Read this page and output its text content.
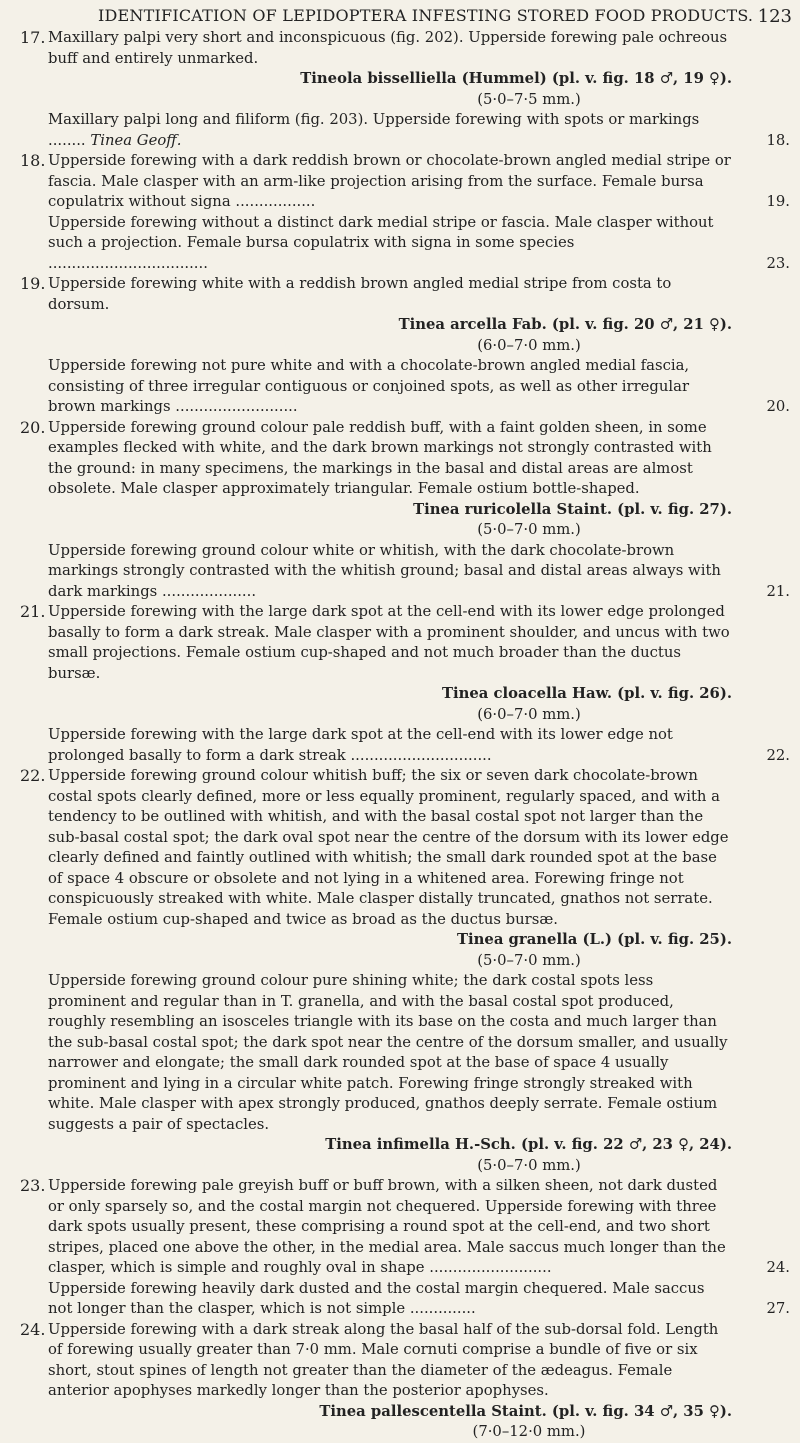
IDENTIFICATION OF LEPIDOPTERA INFESTING STORED FOOD PRODUCTS. 123
17. Maxillary palpi very short and inconspicuous (fig. 202). Upperside forewing pale ochreous buff and entirely unmarked.
Tineola bisselliella (Hummel) (pl. v. fig. 18 ♂, 19 ♀).
(5·0–7·5 mm.)
Maxillary palpi long and filiform (fig. 203). Upperside forewing with spots or markings ........ Tinea Geoff.	18.
18. Upperside forewing with a dark reddish brown or chocolate-brown angled medial stripe or fascia. Male clasper with an arm-like projection arising from the surface. Female bursa copulatrix without signa .................	19.
Upperside forewing without a distinct dark medial stripe or fascia. Male clasper without such a projection. Female bursa copulatrix with signa in some species ..................................	23.
19. Upperside forewing white with a reddish brown angled medial stripe from costa to dorsum.
Tinea arcella Fab. (pl. v. fig. 20 ♂, 21 ♀).
(6·0–7·0 mm.)
Upperside forewing not pure white and with a chocolate-brown angled medial fascia, consisting of three irregular contiguous or conjoined spots, as well as other irregular brown markings ..........................	20.
20. Upperside forewing ground colour pale reddish buff, with a faint golden sheen, in some examples flecked with white, and the dark brown markings not strongly contrasted with the ground: in many specimens, the markings in the basal and distal areas are almost obsolete. Male clasper approximately triangular. Female ostium bottle-shaped.
Tinea ruricolella Staint. (pl. v. fig. 27).
(5·0–7·0 mm.)
Upperside forewing ground colour white or whitish, with the dark chocolate-brown markings strongly contrasted with the whitish ground; basal and distal areas always with dark markings ....................	21.
21. Upperside forewing with the large dark spot at the cell-end with its lower edge prolonged basally to form a dark streak. Male clasper with a prominent shoulder, and uncus with two small projections. Female ostium cup-shaped and not much broader than the ductus bursæ.
Tinea cloacella Haw. (pl. v. fig. 26).
(6·0–7·0 mm.)
Upperside forewing with the large dark spot at the cell-end with its lower edge not prolonged basally to form a dark streak ..............................	22.
22. Upperside forewing ground colour whitish buff; the six or seven dark chocolate-brown costal spots clearly defined, more or less equally prominent, regularly spaced, and with a tendency to be outlined with whitish, and with the basal costal spot not larger than the sub-basal costal spot; the dark oval spot near the centre of the dorsum with its lower edge clearly defined and faintly outlined with whitish; the small dark rounded spot at the base of space 4 obscure or obsolete and not lying in a whitened area. Forewing fringe not conspicuously streaked with white. Male clasper distally truncated, gnathos not serrate. Female ostium cup-shaped and twice as broad as the ductus bursæ.
Tinea granella (L.) (pl. v. fig. 25).
(5·0–7·0 mm.)
Upperside forewing ground colour pure shining white; the dark costal spots less prominent and regular than in T. granella, and with the basal costal spot produced, roughly resembling an isosceles triangle with its base on the costa and much larger than the sub-basal costal spot; the dark spot near the centre of the dorsum smaller, and usually narrower and elongate; the small dark rounded spot at the base of space 4 usually prominent and lying in a circular white patch. Forewing fringe strongly streaked with white. Male clasper with apex strongly produced, gnathos deeply serrate. Female ostium suggests a pair of spectacles.
Tinea infimella H.-Sch. (pl. v. fig. 22 ♂, 23 ♀, 24).
(5·0–7·0 mm.)
23. Upperside forewing pale greyish buff or buff brown, with a silken sheen, not dark dusted or only sparsely so, and the costal margin not chequered. Upperside forewing with three dark spots usually present, these comprising a round spot at the cell-end, and two short stripes, placed one above the other, in the medial area. Male saccus much longer than the clasper, which is simple and roughly oval in shape ..........................	24.
Upperside forewing heavily dark dusted and the costal margin chequered. Male saccus not longer than the clasper, which is not simple ..............	27.
24. Upperside forewing with a dark streak along the basal half of the sub-dorsal fold. Length of forewing usually greater than 7·0 mm. Male cornuti comprise a bundle of five or six short, stout spines of length not greater than the diameter of the ædeagus. Female anterior apophyses markedly longer than the posterior apophyses.
Tinea pallescentella Staint. (pl. v. fig. 34 ♂, 35 ♀).
(7·0–12·0 mm.)
